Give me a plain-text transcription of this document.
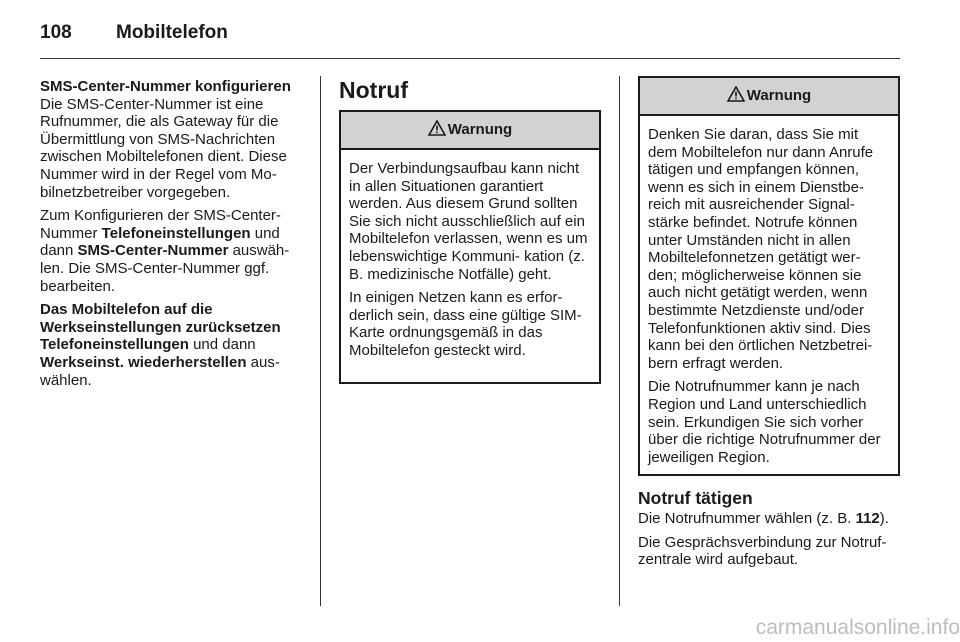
108 Mobiltelefon

SMS-Center-Nummer konfigurieren
Die SMS-Center-Nummer ist eine Rufnummer, die als Gateway für die Übermittlung von SMS-Nachrichten zwischen Mobiltelefonen dient. Diese Nummer wird in der Regel vom Mo- bilnetzbetreiber vorgegeben.

Zum Konfigurieren der SMS-Center- Nummer Telefoneinstellungen und dann SMS-Center-Nummer auswäh- len. Die SMS-Center-Nummer ggf. bearbeiten.

Das Mobiltelefon auf die Werkseinstellungen zurücksetzen
Telefoneinstellungen und dann Werkseinst. wiederherstellen aus- wählen.

Notruf
Warnung

Der Verbindungsaufbau kann nicht in allen Situationen garantiert werden. Aus diesem Grund sollten Sie sich nicht ausschließlich auf ein Mobiltelefon verlassen, wenn es um lebenswichtige Kommuni- kation (z. B. medizinische Notfälle) geht.

In einigen Netzen kann es erfor- derlich sein, dass eine gültige SIM-Karte ordnungsgemäß in das Mobiltelefon gesteckt wird.

Warnung

Denken Sie daran, dass Sie mit dem Mobiltelefon nur dann Anrufe tätigen und empfangen können, wenn es sich in einem Dienstbe- reich mit ausreichender Signal- stärke befindet. Notrufe können unter Umständen nicht in allen Mobiltelefonnetzen getätigt wer- den; möglicherweise können sie auch nicht getätigt werden, wenn bestimmte Netzdienste und/oder Telefonfunktionen aktiv sind. Dies kann bei den örtlichen Netzbetrei- bern erfragt werden.

Die Notrufnummer kann je nach Region und Land unterschiedlich sein. Erkundigen Sie sich vorher über die richtige Notrufnummer der jeweiligen Region.

Notruf tätigen

Die Notrufnummer wählen (z. B. 112).

Die Gesprächsverbindung zur Notruf- zentrale wird aufgebaut.

carmanualsonline.info
